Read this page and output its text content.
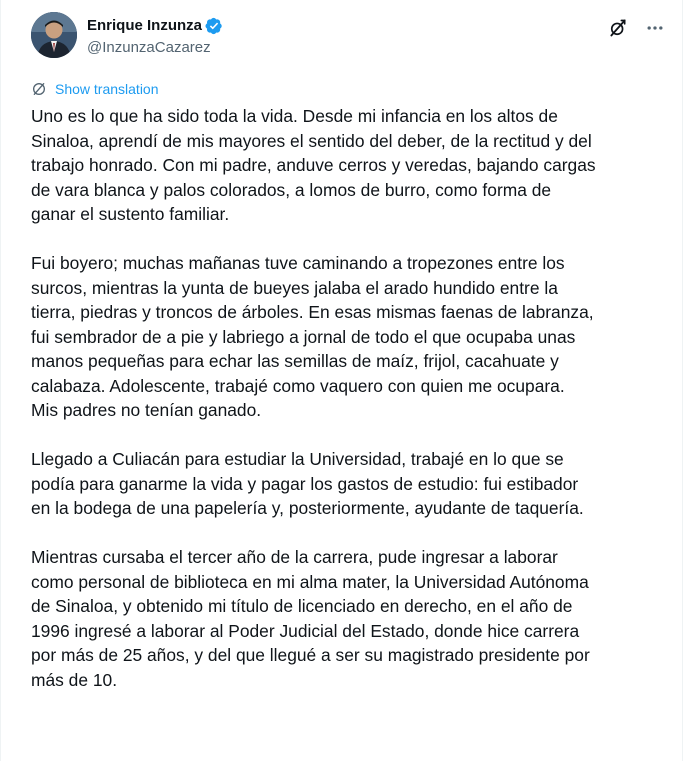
Enrique Inzunza
@InzunzaCazarez
Show translation

Uno es lo que ha sido toda la vida. Desde mi infancia en los altos de
Sinaloa, aprendí de mis mayores el sentido del deber, de la rectitud y del
trabajo honrado. Con mi padre, anduve cerros y veredas, bajando cargas
de vara blanca y palos colorados, a lomos de burro, como forma de
ganar el sustento familiar.

Fui boyero; muchas mañanas tuve caminando a tropezones entre los
surcos, mientras la yunta de bueyes jalaba el arado hundido entre la
tierra, piedras y troncos de árboles. En esas mismas faenas de labranza,
fui sembrador de a pie y labriego a jornal de todo el que ocupaba unas
manos pequeñas para echar las semillas de maíz, frijol, cacahuate y
calabaza. Adolescente, trabajé como vaquero con quien me ocupara.
Mis padres no tenían ganado.

Llegado a Culiacán para estudiar la Universidad, trabajé en lo que se
podía para ganarme la vida y pagar los gastos de estudio: fui estibador
en la bodega de una papelería y, posteriormente, ayudante de taquería.

Mientras cursaba el tercer año de la carrera, pude ingresar a laborar
como personal de biblioteca en mi alma mater, la Universidad Autónoma
de Sinaloa, y obtenido mi título de licenciado en derecho, en el año de
1996 ingresé a laborar al Poder Judicial del Estado, donde hice carrera
por más de 25 años, y del que llegué a ser su magistrado presidente por
más de 10.
